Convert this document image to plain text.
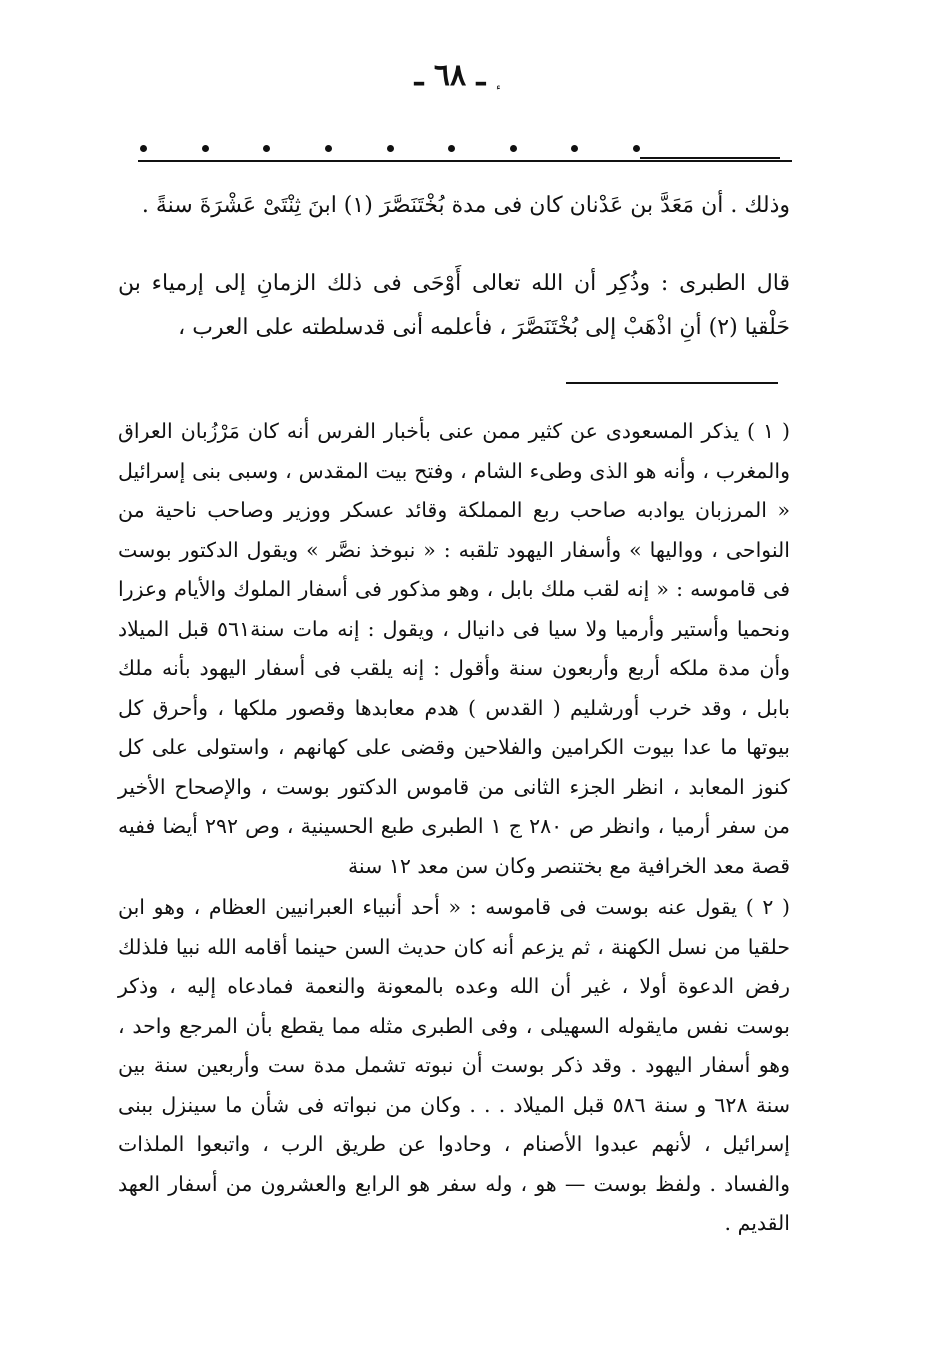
ـ ٦٨ ـ
وذلك . أن مَعَدَّ بن عَدْنان كان فى مدة بُخْتَنَصَّرَ (١) ابنَ ثِنْتَىْ عَشْرَةَ سنةً .
قال الطبرى : وذُكِر أن الله تعالى أَوْحَى فى ذلك الزمانِ إلى إرمياء بن حَلْقيا (٢) أنِ اذْهَبْ إلى بُخْتَنَصَّرَ ، فأعلمه أنى قدسلطته على العرب ،

( ١ ) يذكر المسعودى عن كثير ممن عنى بأخبار الفرس أنه كان مَرْزُبان العراق والمغرب ، وأنه هو الذى وطىء الشام ، وفتح بيت المقدس ، وسبى بنى إسرائيل « المرزبان يوادبه صاحب ربع المملكة وقائد عسكر ووزير وصاحب ناحية من النواحى ، وواليها » وأسفار اليهود تلقبه : « نبوخذ نصَّر » ويقول الدكتور بوست فى قاموسه : « إنه لقب ملك بابل ، وهو مذكور فى أسفار الملوك والأيام وعزرا ونحميا وأستير وأرميا ولا سيا فى دانيال ، ويقول : إنه مات سنة٥٦١ قبل الميلاد وأن مدة ملكه أربع وأربعون سنة وأقول : إنه يلقب فى أسفار اليهود بأنه ملك بابل ، وقد خرب أورشليم ( القدس ) هدم معابدها وقصور ملكها ، وأحرق كل بيوتها ما عدا بيوت الكرامين والفلاحين وقضى على كهانهم ، واستولى على كل كنوز المعابد ، انظر الجزء الثانى من قاموس الدكتور بوست ، والإصحاح الأخير من سفر أرميا ، وانظر ص ٢٨٠ ج ١ الطبرى طبع الحسينية ، وص ٢٩٢ أيضا ففيه قصة معد الخرافية مع بختنصر وكان سن معد ١٢ سنة

( ٢ ) يقول عنه بوست فى قاموسه : « أحد أنبياء العبرانيين العظام ، وهو ابن حلقيا من نسل الكهنة ، ثم يزعم أنه كان حديث السن حينما أقامه الله نبيا فلذلك رفض الدعوة أولا ، غير أن الله وعده بالمعونة والنعمة فمادعاه إليه ، وذكر بوست نفس مايقوله السهيلى ، وفى الطبرى مثله مما يقطع بأن المرجع واحد ، وهو أسفار اليهود . وقد ذكر بوست أن نبوته تشمل مدة ست وأربعين سنة بين سنة ٦٢٨ و سنة ٥٨٦ قبل الميلاد . . . وكان من نبواته فى شأن ما سينزل ببنى إسرائيل ، لأنهم عبدوا الأصنام ، وحادوا عن طريق الرب ، واتبعوا الملذات والفساد . ولفظ بوست — هو ، وله سفر هو الرابع والعشرون من أسفار العهد القديم .
